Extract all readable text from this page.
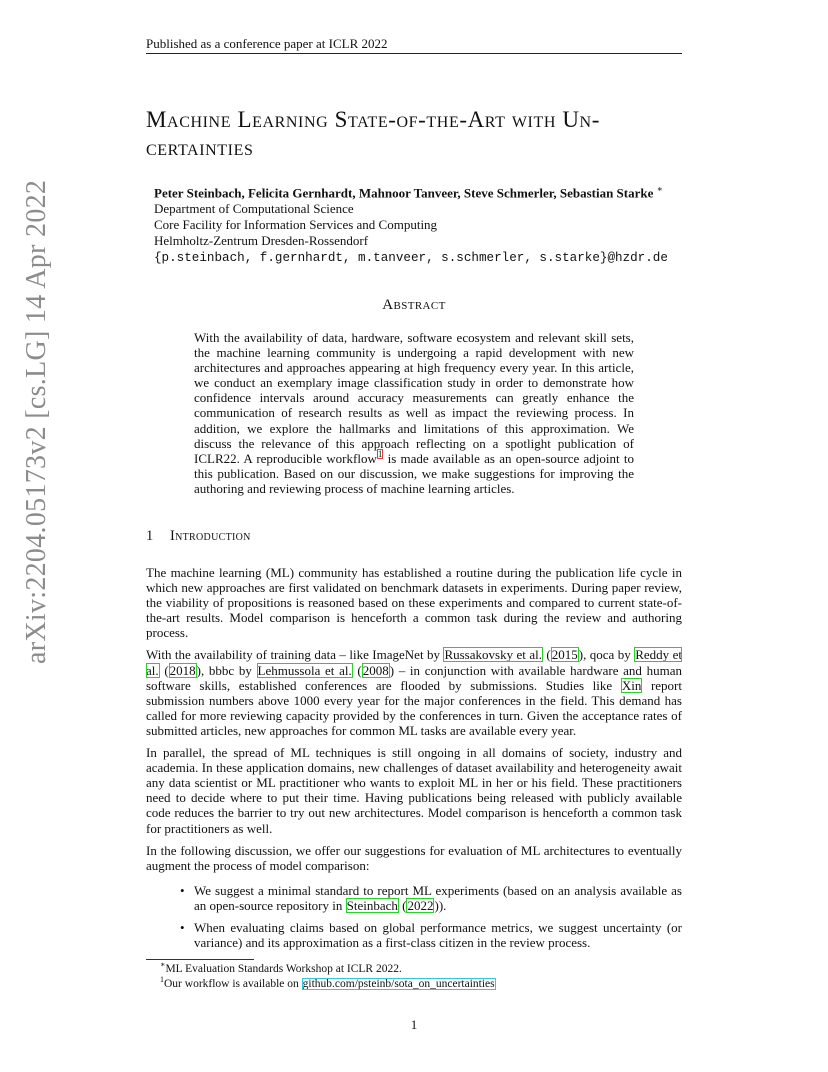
Published as a conference paper at ICLR 2022
arXiv:2204.05173v2 [cs.LG] 14 Apr 2022
Machine Learning State-of-the-Art with Un-
certainties
Peter Steinbach, Felicita Gernhardt, Mahnoor Tanveer, Steve Schmerler, Sebastian Starke ∗
Department of Computational Science
Core Facility for Information Services and Computing
Helmholtz-Zentrum Dresden-Rossendorf
{p.steinbach, f.gernhardt, m.tanveer, s.schmerler, s.starke}@hzdr.de
Abstract
With the availability of data, hardware, software ecosystem and relevant skill sets, the machine learning community is undergoing a rapid development with new architectures and approaches appearing at high frequency every year. In this article, we conduct an exemplary image classification study in order to demonstrate how confidence intervals around accuracy measurements can greatly enhance the communication of research results as well as impact the reviewing process. In addition, we explore the hallmarks and limitations of this approximation. We discuss the relevance of this approach reflecting on a spotlight publication of ICLR22. A reproducible workflow$^1$ is made available as an open-source adjoint to this publication. Based on our discussion, we make suggestions for improving the authoring and reviewing process of machine learning articles.
1 Introduction

The machine learning (ML) community has established a routine during the publication life cycle in which new approaches are first validated on benchmark datasets in experiments. During paper review, the viability of propositions is reasoned based on these experiments and compared to current state-of-the-art results. Model comparison is henceforth a common task during the review and authoring process.

With the availability of training data – like ImageNet by Russakovsky et al. (2015), qoca by Reddy et al. (2018), bbbc by Lehmussola et al. (2008) – in conjunction with available hardware and human software skills, established conferences are flooded by submissions. Studies like Xin report submission numbers above 1000 every year for the major conferences in the field. This demand has called for more reviewing capacity provided by the conferences in turn. Given the acceptance rates of submitted articles, new approaches for common ML tasks are available every year.

In parallel, the spread of ML techniques is still ongoing in all domains of society, industry and academia. In these application domains, new challenges of dataset availability and heterogeneity await any data scientist or ML practitioner who wants to exploit ML in her or his field. These practitioners need to decide where to put their time. Having publications being released with publicly available code reduces the barrier to try out new architectures. Model comparison is henceforth a common task for practitioners as well.

In the following discussion, we offer our suggestions for evaluation of ML architectures to eventually augment the process of model comparison:

• We suggest a minimal standard to report ML experiments (based on an analysis available as an open-source repository in Steinbach (2022)).
• When evaluating claims based on global performance metrics, we suggest uncertainty (or variance) and its approximation as a first-class citizen in the review process.
∗ML Evaluation Standards Workshop at ICLR 2022.
$^1$Our workflow is available on github.com/psteinb/sota_on_uncertainties
1
